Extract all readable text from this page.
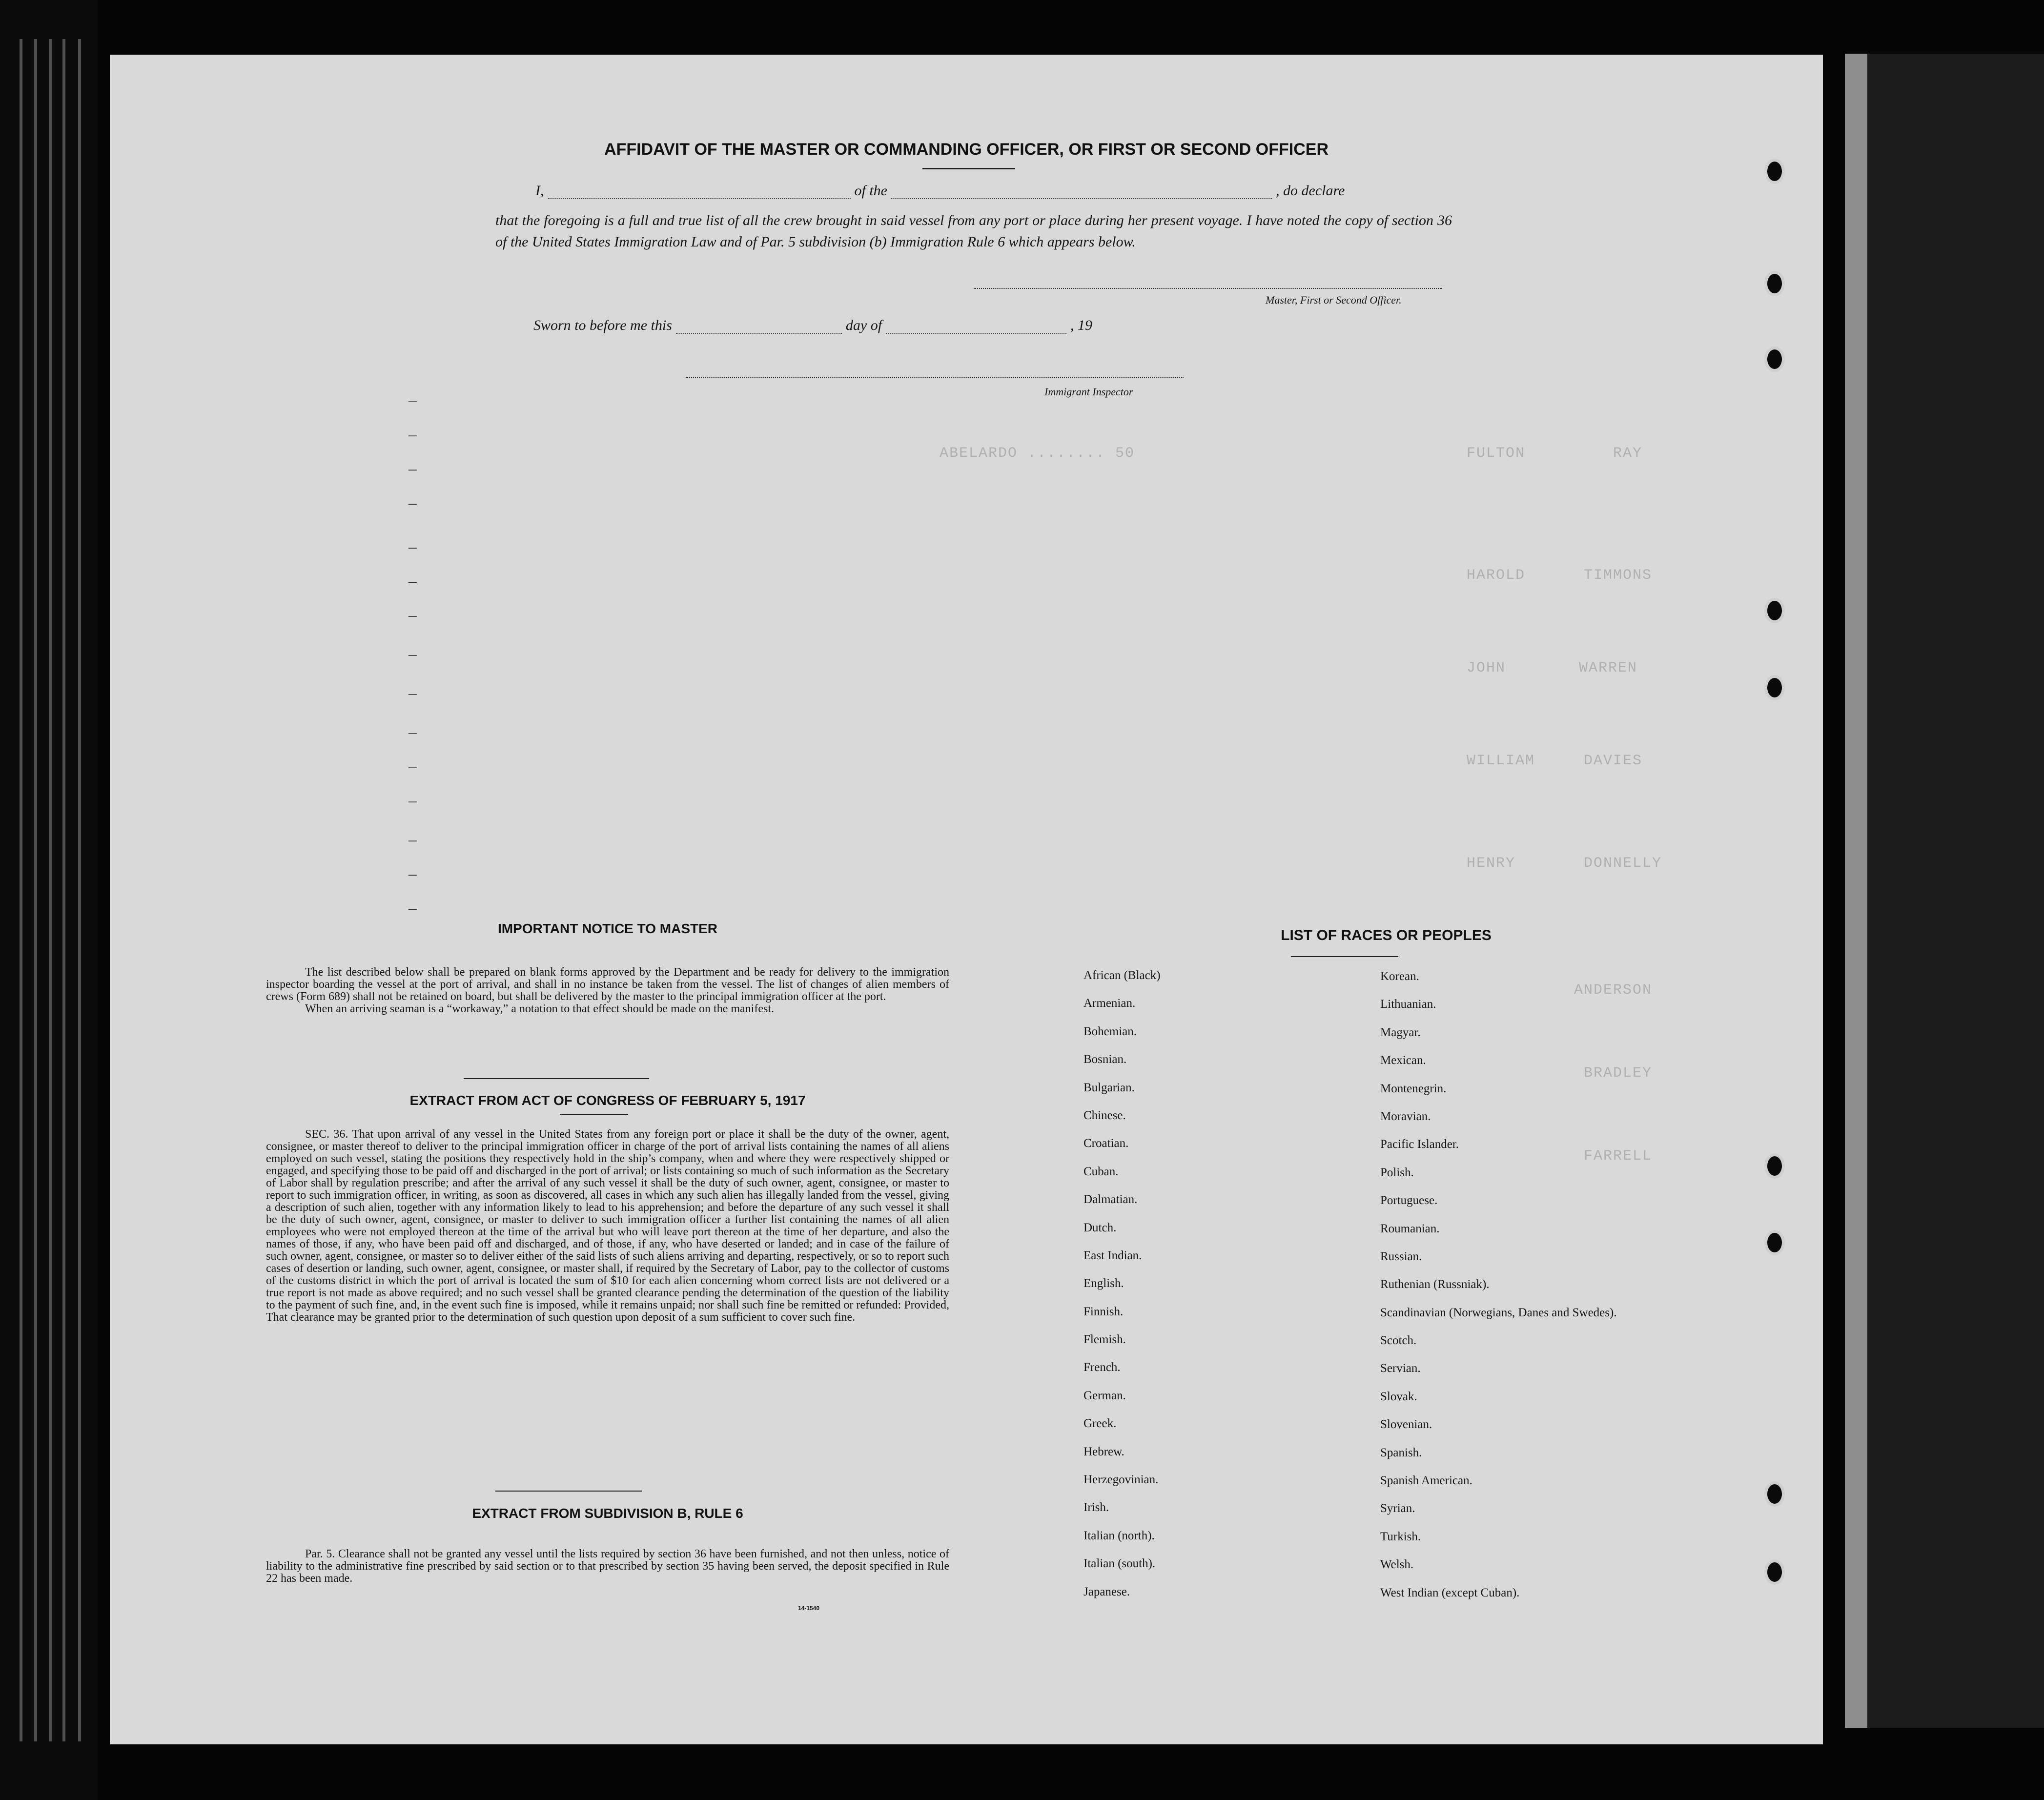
ABELARDO ........ 50	FULTON	RAY
HAROLD	TIMMONS
JOHN	WARREN
WILLIAM	DAVIES
HENRY	DONNELLY
ANDERSON
BRADLEY
FARRELL
–
–
–
–
–
–
–
–
–
–
–
–
–
–
–
AFFIDAVIT OF THE MASTER OR COMMANDING OFFICER, OR FIRST OR SECOND OFFICER
I,	of the	, do declare
that the foregoing is a full and true list of all the crew brought in said vessel from any port or place during her present voyage. I have noted the copy of section 36 of the United States Immigration Law and of Par. 5 subdivision (b) Immigration Rule 6 which appears below.
Master, First or Second Officer.
Sworn to before me this	day of	, 19
Immigrant Inspector
IMPORTANT NOTICE TO MASTER

The list described below shall be prepared on blank forms approved by the Department and be ready for delivery to the immigration inspector boarding the vessel at the port of arrival, and shall in no instance be taken from the vessel. The list of changes of alien members of crews (Form 689) shall not be retained on board, but shall be delivered by the master to the principal immigration officer at the port.

When an arriving seaman is a “workaway,” a notation to that effect should be made on the manifest.

EXTRACT FROM ACT OF CONGRESS OF FEBRUARY 5, 1917

SEC. 36. That upon arrival of any vessel in the United States from any foreign port or place it shall be the duty of the owner, agent, consignee, or master thereof to deliver to the principal immigration officer in charge of the port of arrival lists containing the names of all aliens employed on such vessel, stating the positions they respectively hold in the ship’s company, when and where they were respectively shipped or engaged, and specifying those to be paid off and discharged in the port of arrival; or lists containing so much of such information as the Secretary of Labor shall by regulation prescribe; and after the arrival of any such vessel it shall be the duty of such owner, agent, consignee, or master to report to such immigration officer, in writing, as soon as discovered, all cases in which any such alien has illegally landed from the vessel, giving a description of such alien, together with any information likely to lead to his apprehension; and before the departure of any such vessel it shall be the duty of such owner, agent, consignee, or master to deliver to such immigration officer a further list containing the names of all alien employees who were not employed thereon at the time of the arrival but who will leave port thereon at the time of her departure, and also the names of those, if any, who have been paid off and discharged, and of those, if any, who have deserted or landed; and in case of the failure of such owner, agent, consignee, or master so to deliver either of the said lists of such aliens arriving and departing, respectively, or so to report such cases of desertion or landing, such owner, agent, consignee, or master shall, if required by the Secretary of Labor, pay to the collector of customs of the customs district in which the port of arrival is located the sum of $10 for each alien concerning whom correct lists are not delivered or a true report is not made as above required; and no such vessel shall be granted clearance pending the determination of the question of the liability to the payment of such fine, and, in the event such fine is imposed, while it remains unpaid; nor shall such fine be remitted or refunded: Provided, That clearance may be granted prior to the determination of such question upon deposit of a sum sufficient to cover such fine.

EXTRACT FROM SUBDIVISION B, RULE 6

Par. 5. Clearance shall not be granted any vessel until the lists required by section 36 have been furnished, and not then unless, notice of liability to the administrative fine prescribed by said section or to that prescribed by section 35 having been served, the deposit specified in Rule 22 has been made.

14-1540
LIST OF RACES OR PEOPLES
African (Black)
Armenian.
Bohemian.
Bosnian.
Bulgarian.
Chinese.
Croatian.
Cuban.
Dalmatian.
Dutch.
East Indian.
English.
Finnish.
Flemish.
French.
German.
Greek.
Hebrew.
Herzegovinian.
Irish.
Italian (north).
Italian (south).
Japanese.
Korean.
Lithuanian.
Magyar.
Mexican.
Montenegrin.
Moravian.
Pacific Islander.
Polish.
Portuguese.
Roumanian.
Russian.
Ruthenian (Russniak).
Scandinavian (Norwegians, Danes and Swedes).
Scotch.
Servian.
Slovak.
Slovenian.
Spanish.
Spanish American.
Syrian.
Turkish.
Welsh.
West Indian (except Cuban).
